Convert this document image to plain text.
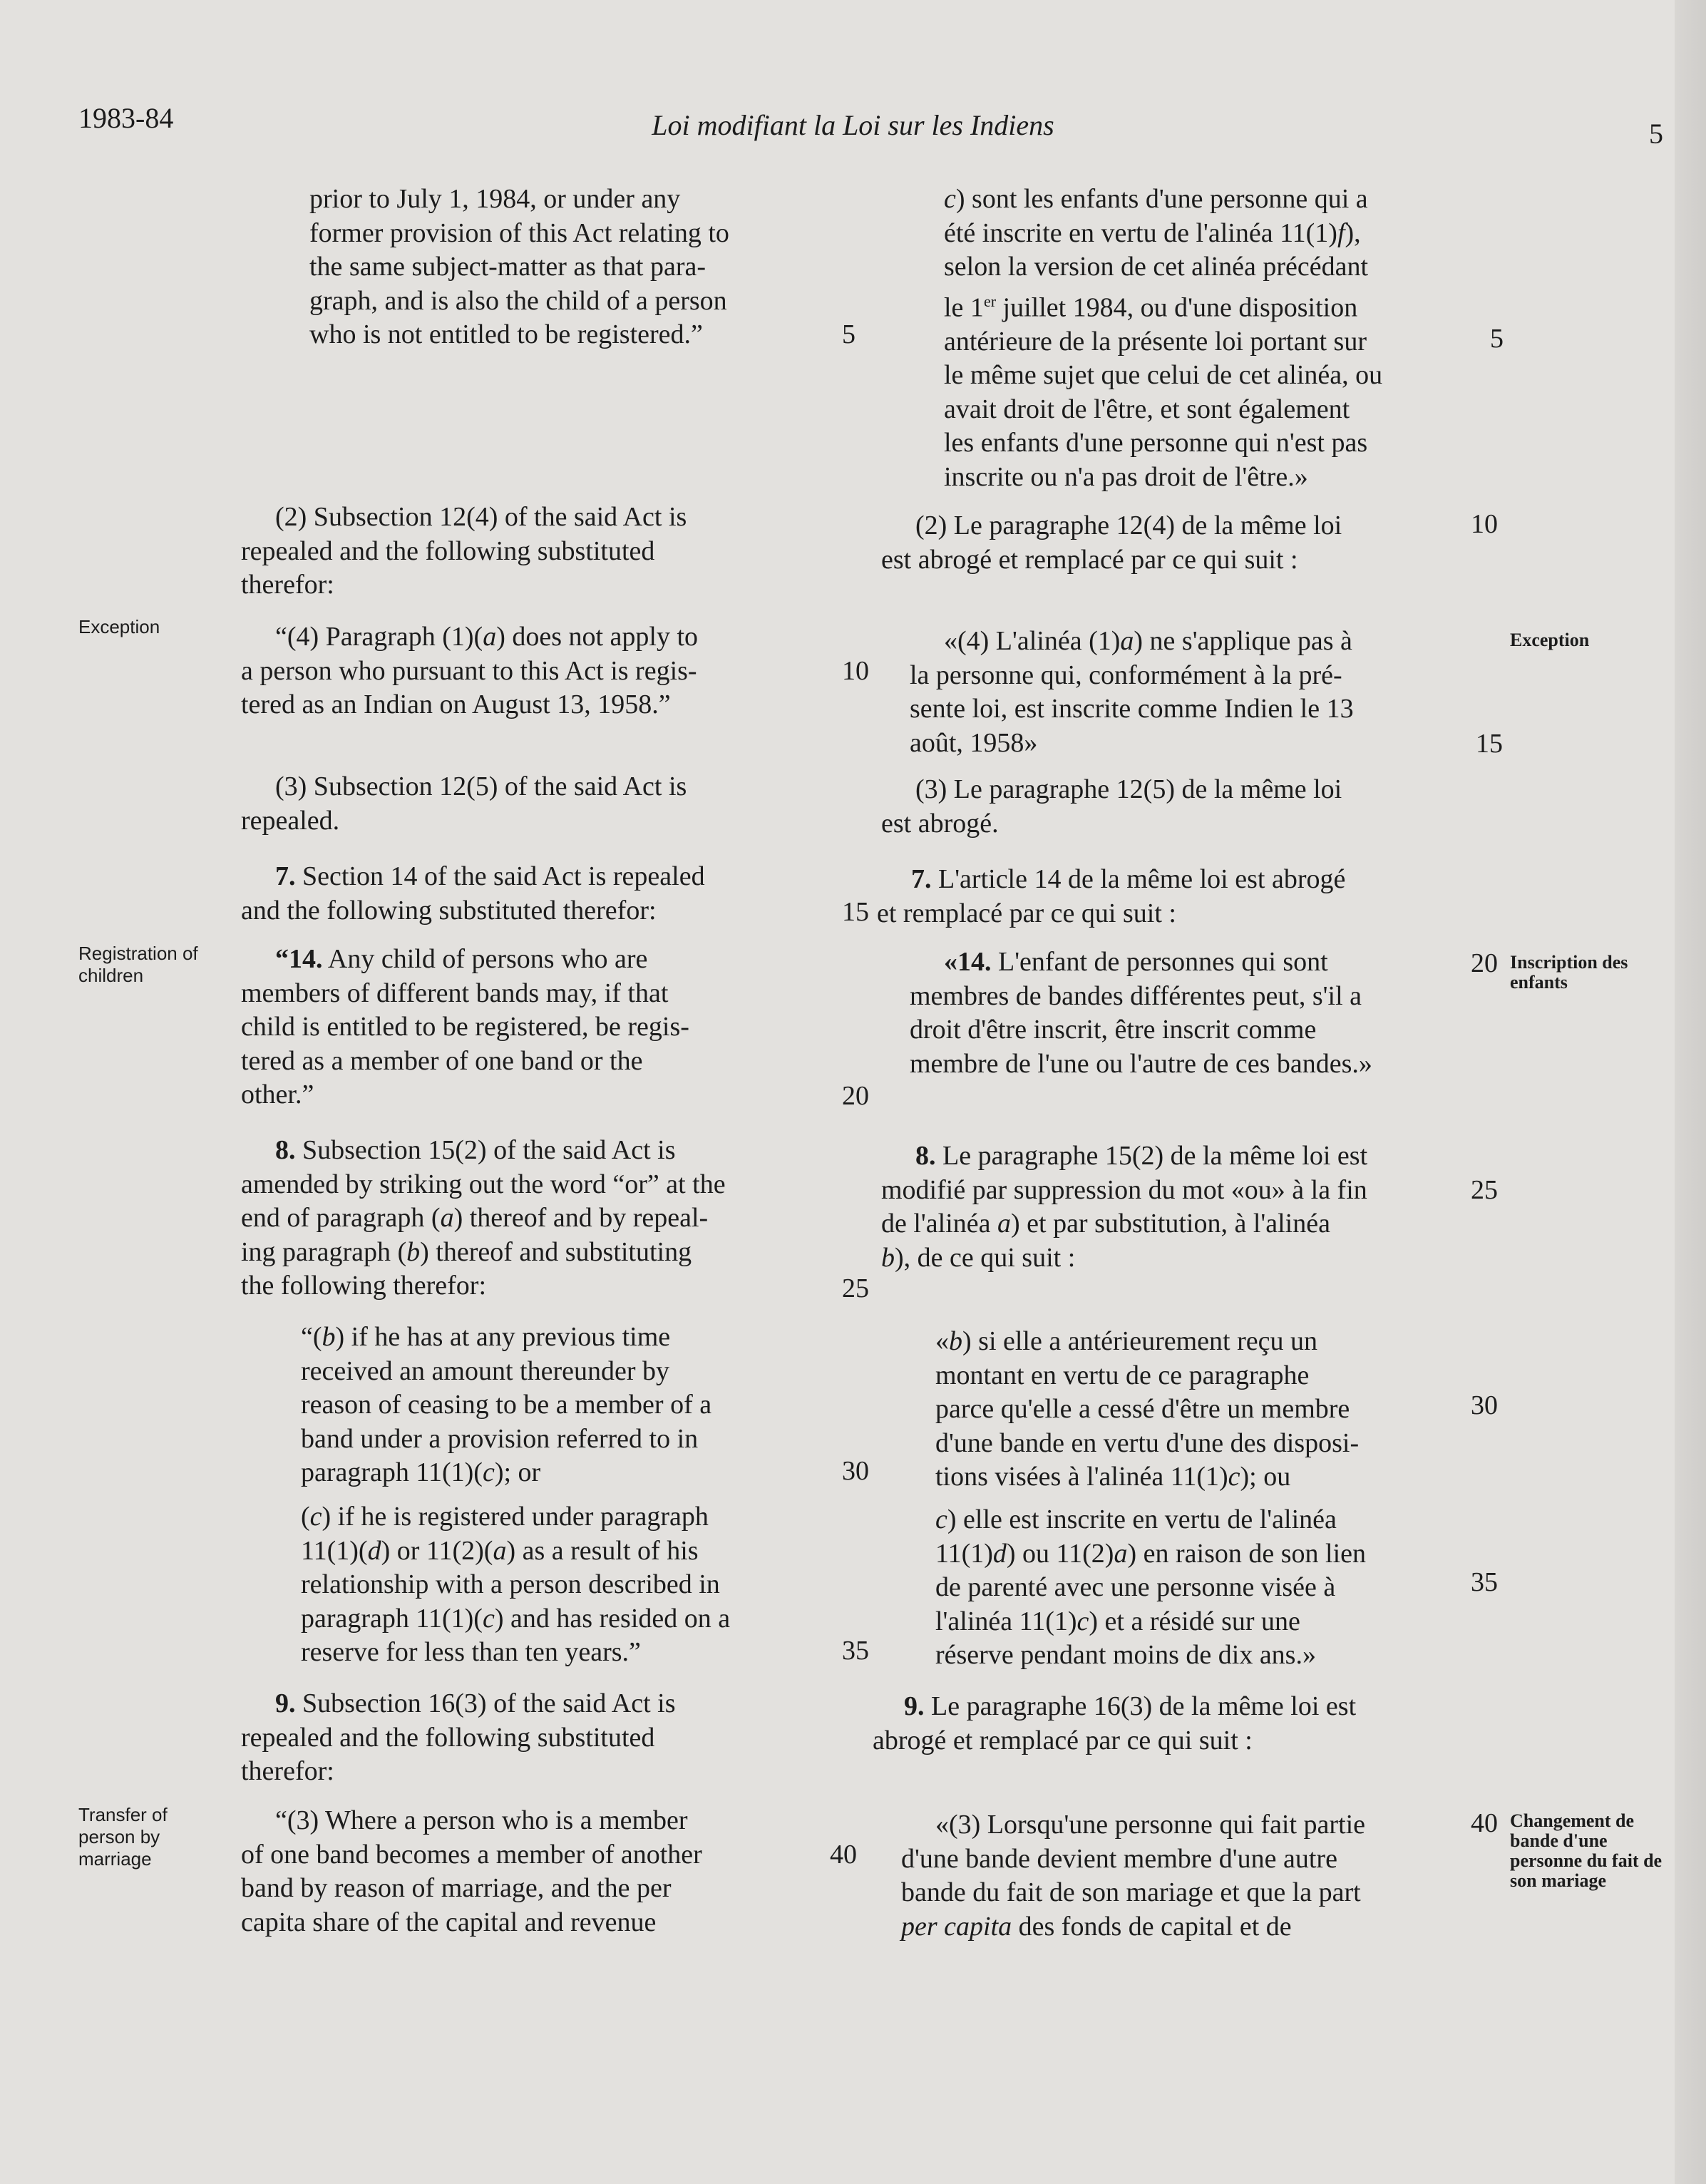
1983-84	Loi modifiant la Loi sur les Indiens	5
Exception
Registration of children
Transfer of person by marriage
Exception
Inscription des enfants
Changement de bande d'une personne du fait de son mariage
5
10
15
20
25
30
35
40
5
10
15
20
25
30
35
40
prior to July 1, 1984, or under any
former provision of this Act relating to
the same subject-matter as that para-
graph, and is also the child of a person
who is not entitled to be registered.”
(2) Subsection 12(4) of the said Act is
repealed and the following substituted
therefor:
“(4) Paragraph (1)(a) does not apply to
a person who pursuant to this Act is regis-
tered as an Indian on August 13, 1958.”
(3) Subsection 12(5) of the said Act is
repealed.
7. Section 14 of the said Act is repealed
and the following substituted therefor:
“14. Any child of persons who are
members of different bands may, if that
child is entitled to be registered, be regis-
tered as a member of one band or the
other.”
8. Subsection 15(2) of the said Act is
amended by striking out the word “or” at the
end of paragraph (a) thereof and by repeal-
ing paragraph (b) thereof and substituting
the following therefor:
“(b) if he has at any previous time
received an amount thereunder by
reason of ceasing to be a member of a
band under a provision referred to in
paragraph 11(1)(c); or
(c) if he is registered under paragraph
11(1)(d) or 11(2)(a) as a result of his
relationship with a person described in
paragraph 11(1)(c) and has resided on a
reserve for less than ten years.”
9. Subsection 16(3) of the said Act is
repealed and the following substituted
therefor:
“(3) Where a person who is a member
of one band becomes a member of another
band by reason of marriage, and the per
capita share of the capital and revenue
c) sont les enfants d'une personne qui a
été inscrite en vertu de l'alinéa 11(1)f),
selon la version de cet alinéa précédant
le 1er juillet 1984, ou d'une disposition
antérieure de la présente loi portant sur
le même sujet que celui de cet alinéa, ou
avait droit de l'être, et sont également
les enfants d'une personne qui n'est pas
inscrite ou n'a pas droit de l'être.»
(2) Le paragraphe 12(4) de la même loi
est abrogé et remplacé par ce qui suit :
«(4) L'alinéa (1)a) ne s'applique pas à
la personne qui, conformément à la pré-
sente loi, est inscrite comme Indien le 13
août, 1958»
(3) Le paragraphe 12(5) de la même loi
est abrogé.
7. L'article 14 de la même loi est abrogé
et remplacé par ce qui suit :
«14. L'enfant de personnes qui sont
membres de bandes différentes peut, s'il a
droit d'être inscrit, être inscrit comme
membre de l'une ou l'autre de ces bandes.»
8. Le paragraphe 15(2) de la même loi est
modifié par suppression du mot «ou» à la fin
de l'alinéa a) et par substitution, à l'alinéa
b), de ce qui suit :
«b) si elle a antérieurement reçu un
montant en vertu de ce paragraphe
parce qu'elle a cessé d'être un membre
d'une bande en vertu d'une des disposi-
tions visées à l'alinéa 11(1)c); ou
c) elle est inscrite en vertu de l'alinéa
11(1)d) ou 11(2)a) en raison de son lien
de parenté avec une personne visée à
l'alinéa 11(1)c) et a résidé sur une
réserve pendant moins de dix ans.»
9. Le paragraphe 16(3) de la même loi est
abrogé et remplacé par ce qui suit :
«(3) Lorsqu'une personne qui fait partie
d'une bande devient membre d'une autre
bande du fait de son mariage et que la part
per capita des fonds de capital et de
